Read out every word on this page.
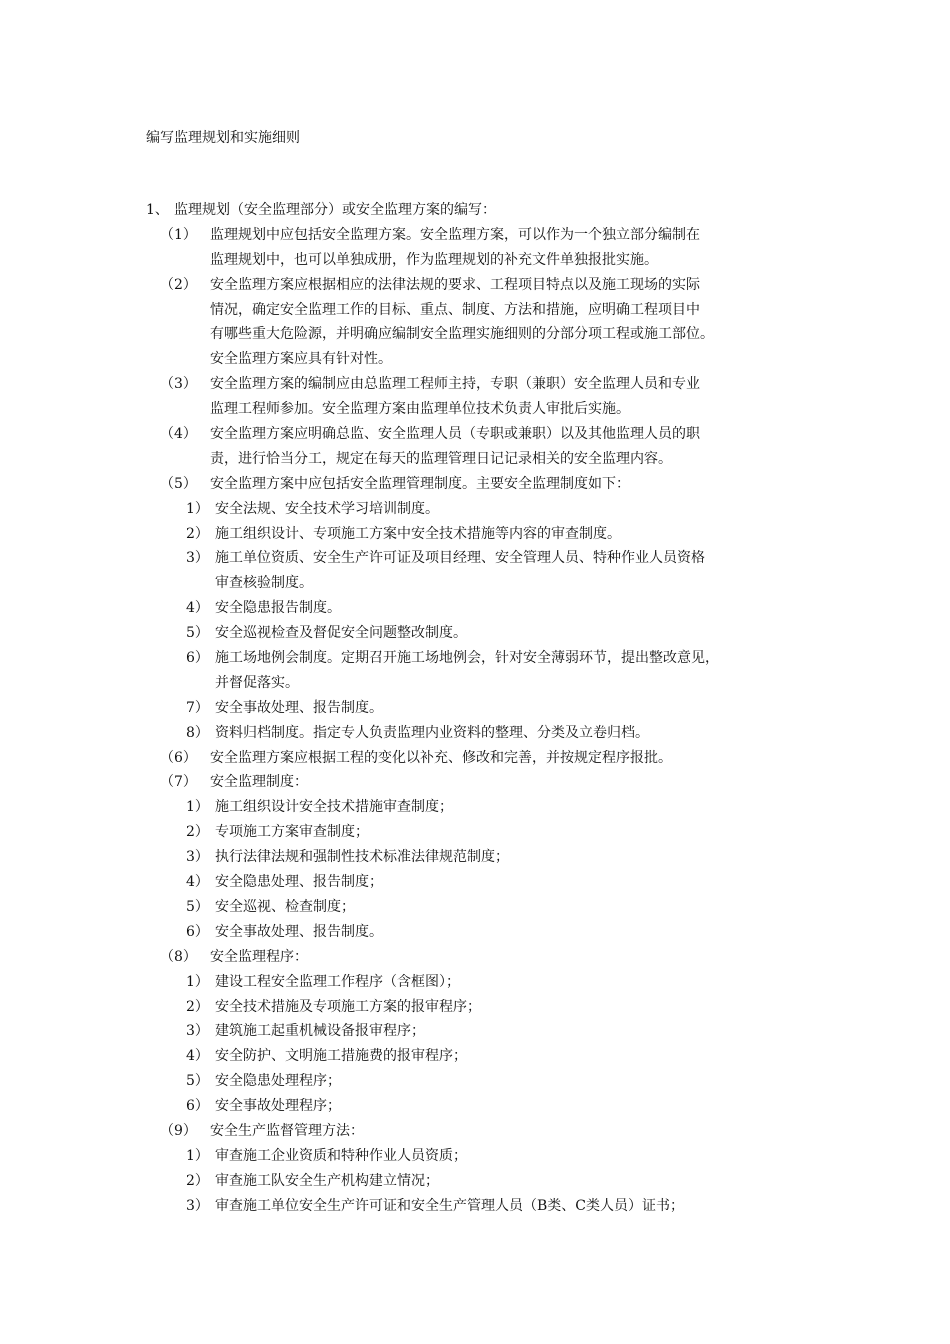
编写监理规划和实施细则
1、 监理规划（安全监理部分）或安全监理方案的编写：
（1） 监理规划中应包括安全监理方案。安全监理方案，可以作为一个独立部分编制在
监理规划中，也可以单独成册，作为监理规划的补充文件单独报批实施。
（2） 安全监理方案应根据相应的法律法规的要求、工程项目特点以及施工现场的实际
情况，确定安全监理工作的目标、重点、制度、方法和措施，应明确工程项目中
有哪些重大危险源，并明确应编制安全监理实施细则的分部分项工程或施工部位。
安全监理方案应具有针对性。
（3） 安全监理方案的编制应由总监理工程师主持，专职（兼职）安全监理人员和专业
监理工程师参加。安全监理方案由监理单位技术负责人审批后实施。
（4） 安全监理方案应明确总监、安全监理人员（专职或兼职）以及其他监理人员的职
责，进行恰当分工，规定在每天的监理管理日记记录相关的安全监理内容。
（5） 安全监理方案中应包括安全监理管理制度。主要安全监理制度如下：
1） 安全法规、安全技术学习培训制度。
2） 施工组织设计、专项施工方案中安全技术措施等内容的审查制度。
3） 施工单位资质、安全生产许可证及项目经理、安全管理人员、特种作业人员资格
审查核验制度。
4） 安全隐患报告制度。
5） 安全巡视检查及督促安全问题整改制度。
6） 施工场地例会制度。定期召开施工场地例会，针对安全薄弱环节，提出整改意见，
并督促落实。
7） 安全事故处理、报告制度。
8） 资料归档制度。指定专人负责监理内业资料的整理、分类及立卷归档。
（6） 安全监理方案应根据工程的变化以补充、修改和完善，并按规定程序报批。
（7） 安全监理制度：
1） 施工组织设计安全技术措施审查制度；
2） 专项施工方案审查制度；
3） 执行法律法规和强制性技术标准法律规范制度；
4） 安全隐患处理、报告制度；
5） 安全巡视、检查制度；
6） 安全事故处理、报告制度。
（8） 安全监理程序：
1） 建设工程安全监理工作程序（含框图）；
2） 安全技术措施及专项施工方案的报审程序；
3） 建筑施工起重机械设备报审程序；
4） 安全防护、文明施工措施费的报审程序；
5） 安全隐患处理程序；
6） 安全事故处理程序；
（9） 安全生产监督管理方法：
1） 审查施工企业资质和特种作业人员资质；
2） 审查施工队安全生产机构建立情况；
3） 审查施工单位安全生产许可证和安全生产管理人员（B类、C类人员）证书；
